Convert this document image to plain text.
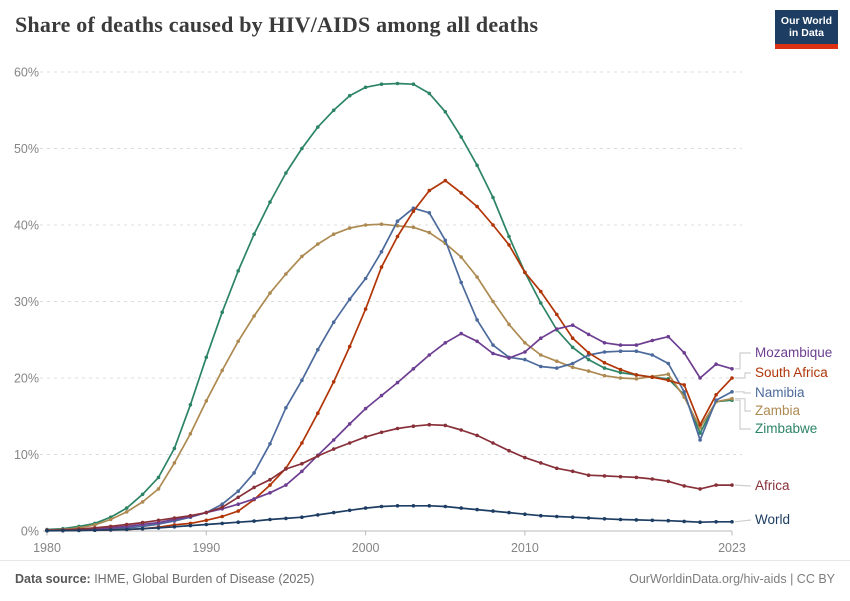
Share of deaths caused by HIV/AIDS among all deaths	Our World
in Data
0%
10%
20%
30%
40%
50%
60%
1980	1990	2000	2010	2023
Mozambique
South Africa
Namibia
Zambia
Zimbabwe
Africa
World
Data source: IHME, Global Burden of Disease (2025)	OurWorldinData.org/hiv-aids | CC BY
